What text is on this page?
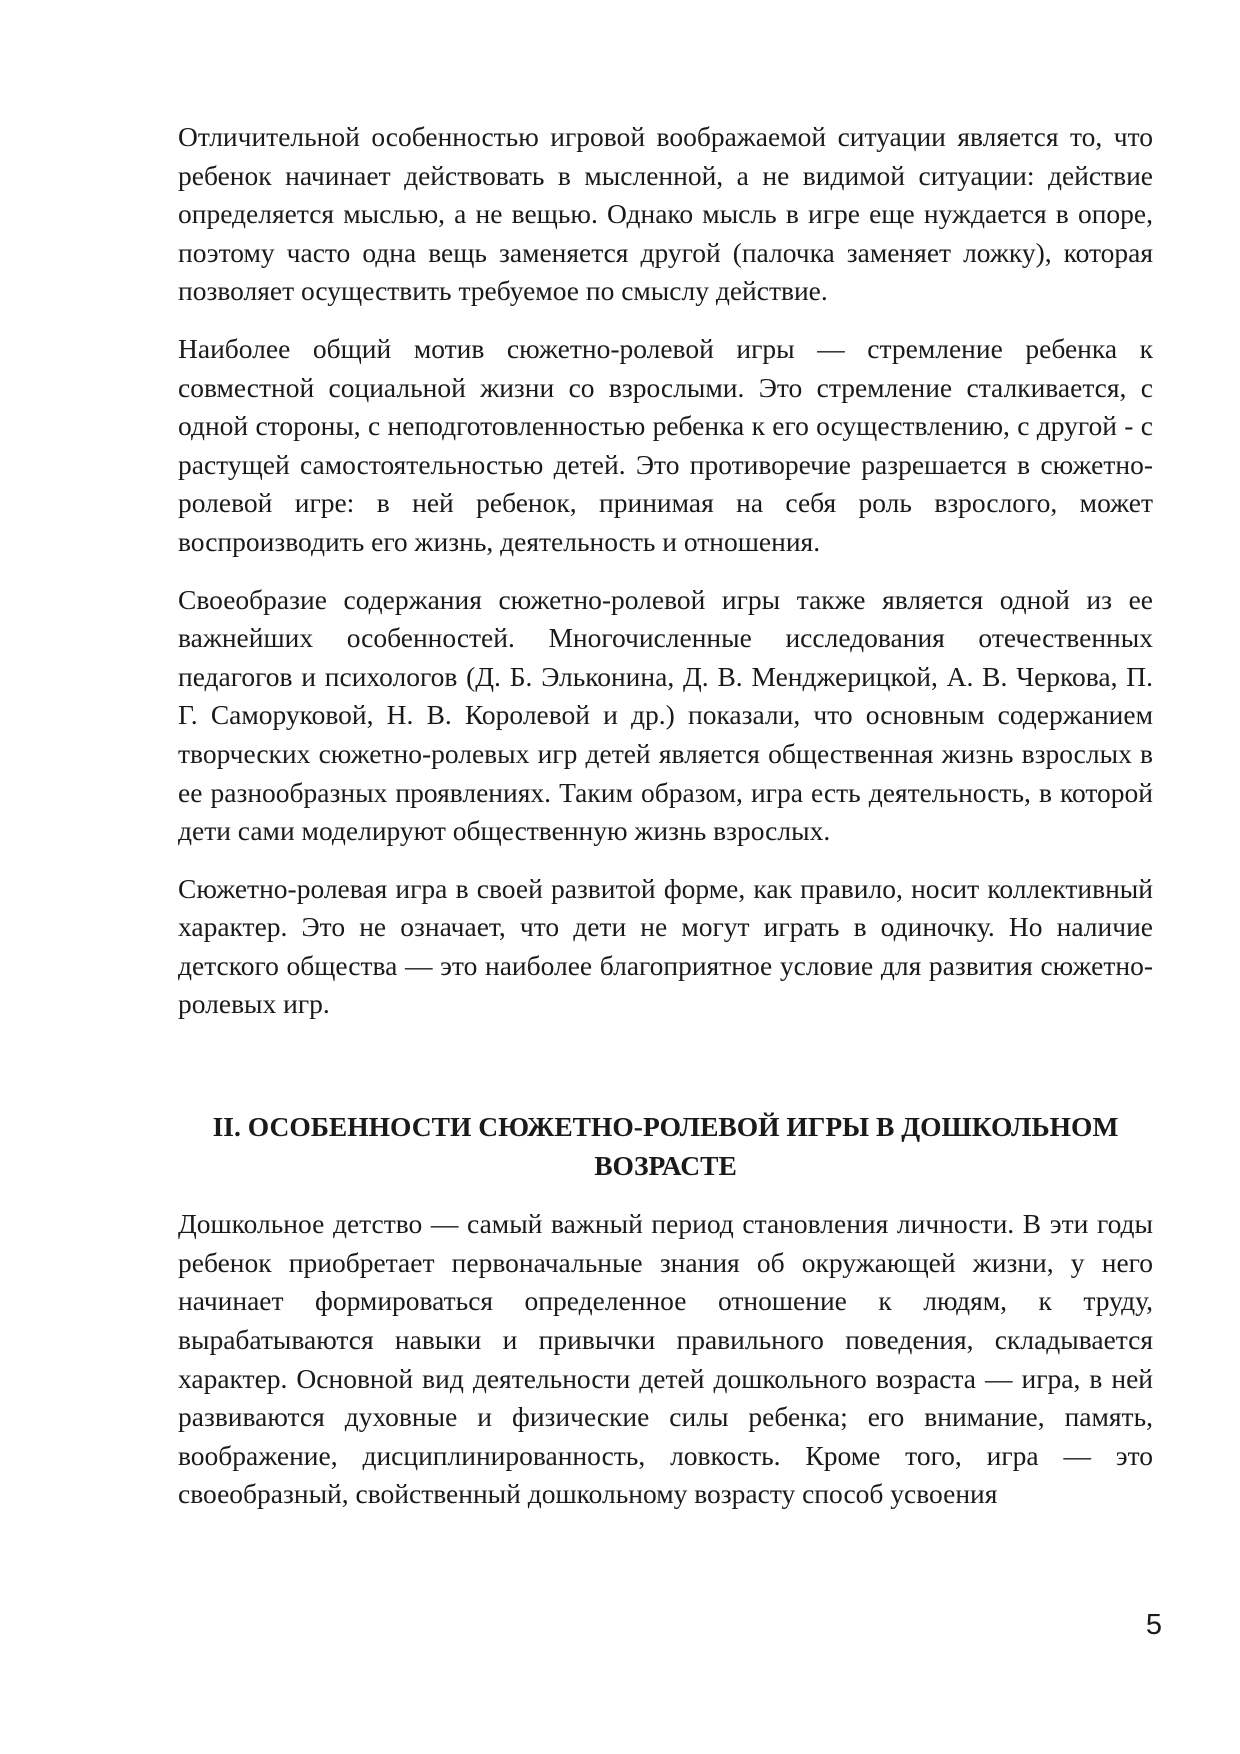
Отличительной особенностью игровой воображаемой ситуации является то, что ребенок начинает действовать в мысленной, а не видимой ситуации: действие определяется мыслью, а не вещью. Однако мысль в игре еще нуждается в опоре, поэтому часто одна вещь заменяется другой (палочка заменяет ложку), которая позволяет осуществить требуемое по смыслу действие.

Наиболее общий мотив сюжетно-ролевой игры — стремление ребенка к совместной социальной жизни со взрослыми. Это стремление сталкивается, с одной стороны, с неподготовленностью ребенка к его осуществлению, с другой - с растущей самостоятельностью детей. Это противоречие разрешается в сюжетно-ролевой игре: в ней ребенок, принимая на себя роль взрослого, может воспроизводить его жизнь, деятельность и отношения.

Своеобразие содержания сюжетно-ролевой игры также является одной из ее важнейших особенностей. Многочисленные исследования отечественных педагогов и психологов (Д. Б. Эльконина, Д. В. Менджерицкой, А. В. Черкова, П. Г. Саморуковой, Н. В. Королевой и др.) показали, что основным содержанием творческих сюжетно-ролевых игр детей является общественная жизнь взрослых в ее разнообразных проявлениях. Таким образом, игра есть деятельность, в которой дети сами моделируют общественную жизнь взрослых.

Сюжетно-ролевая игра в своей развитой форме, как правило, носит коллективный характер. Это не означает, что дети не могут играть в одиночку. Но наличие детского общества — это наиболее благоприятное условие для развития сюжетно-ролевых игр.

II. ОСОБЕННОСТИ СЮЖЕТНО-РОЛЕВОЙ ИГРЫ В ДОШКОЛЬНОМ
ВОЗРАСТЕ

Дошкольное детство — самый важный период становления личности. В эти годы ребенок приобретает первоначальные знания об окружающей жизни, у него начинает формироваться определенное отношение к людям, к труду, вырабатываются навыки и привычки правильного поведения, складывается характер. Основной вид деятельности детей дошкольного возраста — игра, в ней развиваются духовные и физические силы ребенка; его внимание, память, воображение, дисциплинированность, ловкость. Кроме того, игра — это своеобразный, свойственный дошкольному возрасту способ усвоения

5
